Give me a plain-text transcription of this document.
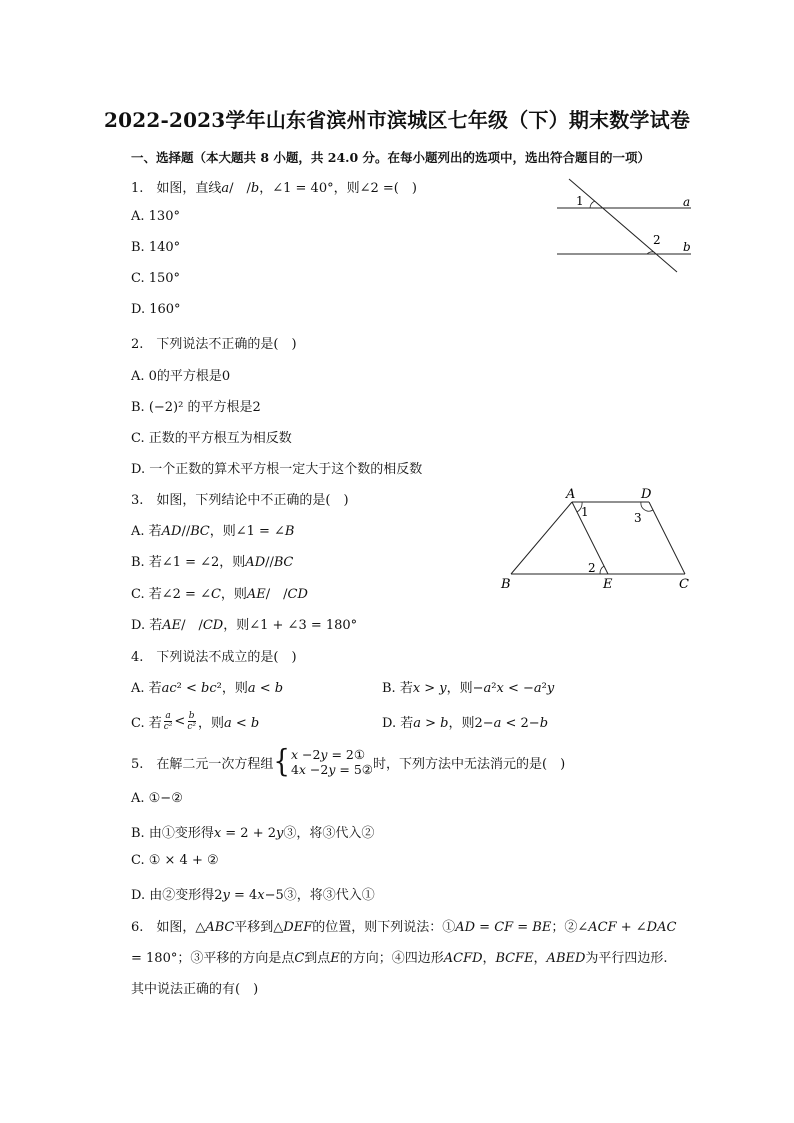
2022-2023学年山东省滨州市滨城区七年级（下）期末数学试卷
一、选择题（本大题共 8 小题，共 24.0 分。在每小题列出的选项中，选出符合题目的一项）
1.　如图，直线𝑎/　/𝑏，∠1 = 40°，则∠2 =(　)
A. 130°
B. 140°
C. 150°
D. 160°
1
2
a
b
2.　下列说法不正确的是(　)
A. 0的平方根是0
B. (−2)² 的平方根是2
C. 正数的平方根互为相反数
D. 一个正数的算术平方根一定大于这个数的相反数
3.　如图，下列结论中不正确的是(　)
A. 若𝐴𝐷//𝐵𝐶，则∠1 = ∠𝐵
B. 若∠1 = ∠2，则𝐴𝐷//𝐵𝐶
C. 若∠2 = ∠𝐶，则𝐴𝐸/　/𝐶𝐷
D. 若𝐴𝐸/　/𝐶𝐷，则∠1 + ∠3 = 180°
A	D
B	E	C
1
2
3
4.　下列说法不成立的是(　)
A. 若𝑎𝑐² < 𝑏𝑐²，则𝑎 < 𝑏	B. 若𝑥 > 𝑦，则−𝑎²𝑥 < −𝑎²𝑦
C. 若 𝑎
𝑐² < 𝑏
𝑐² ，则𝑎 < 𝑏	D. 若𝑎 > 𝑏，则2−𝑎 < 2−𝑏
5.　在解二元一次方程组 { 𝑥 −2𝑦 = 2①
4𝑥 −2𝑦 = 5② 时，下列方法中无法消元的是(　)
A. ①−②
B. 由①变形得𝑥 = 2 + 2𝑦③，将③代入②
C. ① × 4 + ②
D. 由②变形得2𝑦 = 4𝑥−5③，将③代入①
6.　如图，△𝐴𝐵𝐶平移到△𝐷𝐸𝐹的位置，则下列说法：①𝐴𝐷 = 𝐶𝐹 = 𝐵𝐸；②∠𝐴𝐶𝐹 + ∠𝐷𝐴𝐶
= 180°；③平移的方向是点𝐶到点𝐸的方向；④四边形𝐴𝐶𝐹𝐷，𝐵𝐶𝐹𝐸，𝐴𝐵𝐸𝐷为平行四边形.
其中说法正确的有(　)
